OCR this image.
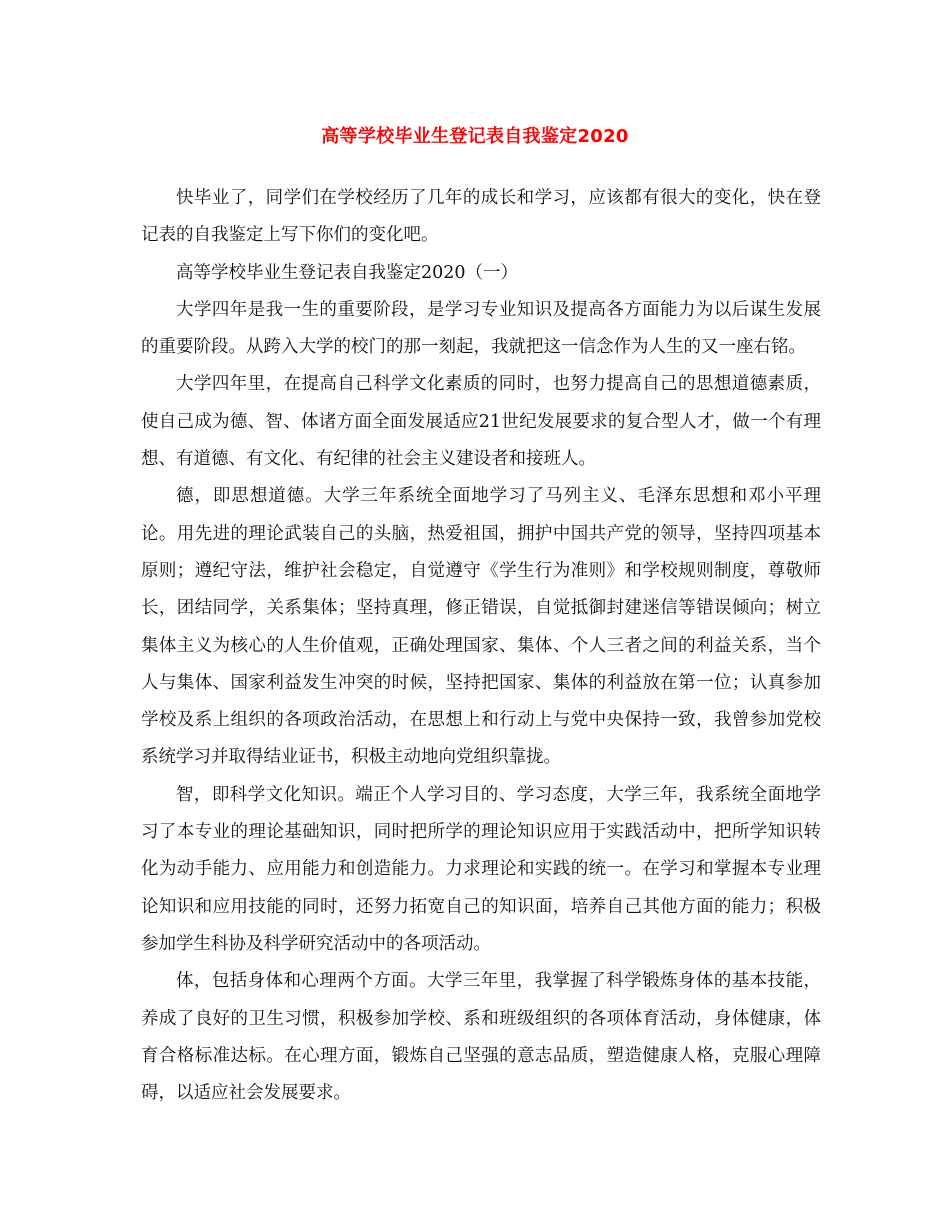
高等学校毕业生登记表自我鉴定2020

快毕业了，同学们在学校经历了几年的成长和学习，应该都有很大的变化，快在登记表的自我鉴定上写下你们的变化吧。

高等学校毕业生登记表自我鉴定2020（一）

大学四年是我一生的重要阶段，是学习专业知识及提高各方面能力为以后谋生发展的重要阶段。从跨入大学的校门的那一刻起，我就把这一信念作为人生的又一座右铭。

大学四年里，在提高自己科学文化素质的同时，也努力提高自己的思想道德素质，使自己成为德、智、体诸方面全面发展适应21世纪发展要求的复合型人才，做一个有理想、有道德、有文化、有纪律的社会主义建设者和接班人。

德，即思想道德。大学三年系统全面地学习了马列主义、毛泽东思想和邓小平理论。用先进的理论武装自己的头脑，热爱祖国，拥护中国共产党的领导，坚持四项基本原则；遵纪守法，维护社会稳定，自觉遵守《学生行为准则》和学校规则制度，尊敬师长，团结同学，关系集体；坚持真理，修正错误，自觉抵御封建迷信等错误倾向；树立集体主义为核心的人生价值观，正确处理国家、集体、个人三者之间的利益关系，当个人与集体、国家利益发生冲突的时候，坚持把国家、集体的利益放在第一位；认真参加学校及系上组织的各项政治活动，在思想上和行动上与党中央保持一致，我曾参加党校系统学习并取得结业证书，积极主动地向党组织靠拢。

智，即科学文化知识。端正个人学习目的、学习态度，大学三年，我系统全面地学习了本专业的理论基础知识，同时把所学的理论知识应用于实践活动中，把所学知识转化为动手能力、应用能力和创造能力。力求理论和实践的统一。在学习和掌握本专业理论知识和应用技能的同时，还努力拓宽自己的知识面，培养自己其他方面的能力；积极参加学生科协及科学研究活动中的各项活动。

体，包括身体和心理两个方面。大学三年里，我掌握了科学锻炼身体的基本技能，养成了良好的卫生习惯，积极参加学校、系和班级组织的各项体育活动，身体健康，体育合格标准达标。在心理方面，锻炼自己坚强的意志品质，塑造健康人格，克服心理障碍，以适应社会发展要求。
